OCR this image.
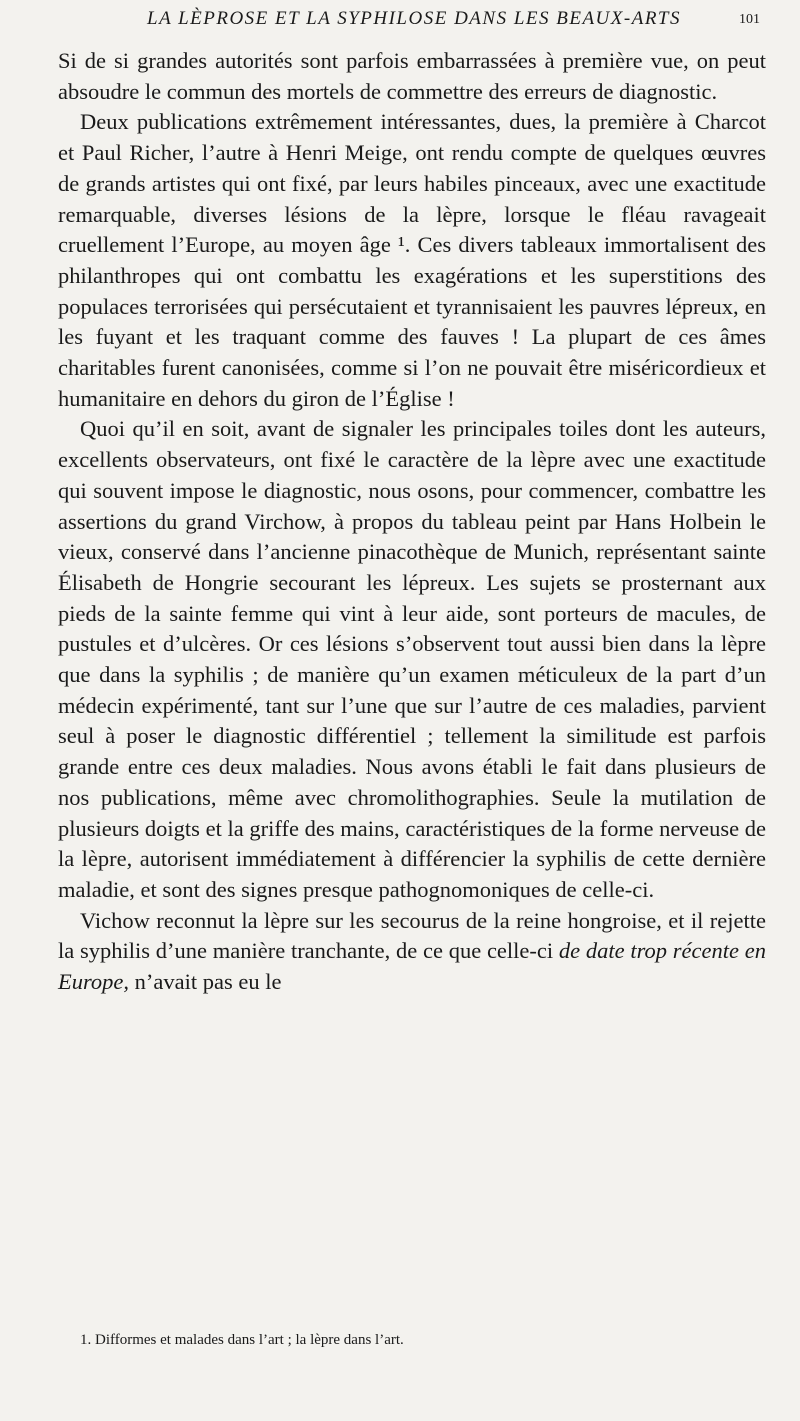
LA LÈPROSE ET LA SYPHILOSE DANS LES BEAUX-ARTS	101

Si de si grandes autorités sont parfois embarrassées à première vue, on peut absoudre le commun des mortels de commettre des erreurs de diagnostic.

Deux publications extrêmement intéressantes, dues, la première à Charcot et Paul Richer, l’autre à Henri Meige, ont rendu compte de quelques œuvres de grands artistes qui ont fixé, par leurs habiles pinceaux, avec une exactitude remarquable, diverses lésions de la lèpre, lorsque le fléau ravageait cruellement l’Europe, au moyen âge ¹. Ces divers tableaux immortalisent des philanthropes qui ont combattu les exagérations et les superstitions des populaces terrorisées qui persécutaient et tyrannisaient les pauvres lépreux, en les fuyant et les traquant comme des fauves ! La plupart de ces âmes charitables furent canonisées, comme si l’on ne pouvait être miséricordieux et humanitaire en dehors du giron de l’Église !

Quoi qu’il en soit, avant de signaler les principales toiles dont les auteurs, excellents observateurs, ont fixé le caractère de la lèpre avec une exactitude qui souvent impose le diagnostic, nous osons, pour commencer, combattre les assertions du grand Virchow, à propos du tableau peint par Hans Holbein le vieux, conservé dans l’ancienne pinacothèque de Munich, représentant sainte Élisabeth de Hongrie secourant les lépreux. Les sujets se prosternant aux pieds de la sainte femme qui vint à leur aide, sont porteurs de macules, de pustules et d’ulcères. Or ces lésions s’observent tout aussi bien dans la lèpre que dans la syphilis ; de manière qu’un examen méticuleux de la part d’un médecin expérimenté, tant sur l’une que sur l’autre de ces maladies, parvient seul à poser le diagnostic différentiel ; tellement la similitude est parfois grande entre ces deux maladies. Nous avons établi le fait dans plusieurs de nos publications, même avec chromolithographies. Seule la mutilation de plusieurs doigts et la griffe des mains, caractéristiques de la forme nerveuse de la lèpre, autorisent immédiatement à différencier la syphilis de cette dernière maladie, et sont des signes presque pathognomoniques de celle-ci.

Vichow reconnut la lèpre sur les secourus de la reine hongroise, et il rejette la syphilis d’une manière tranchante, de ce que celle-ci de date trop récente en Europe, n’avait pas eu le

1. Difformes et malades dans l’art ; la lèpre dans l’art.
